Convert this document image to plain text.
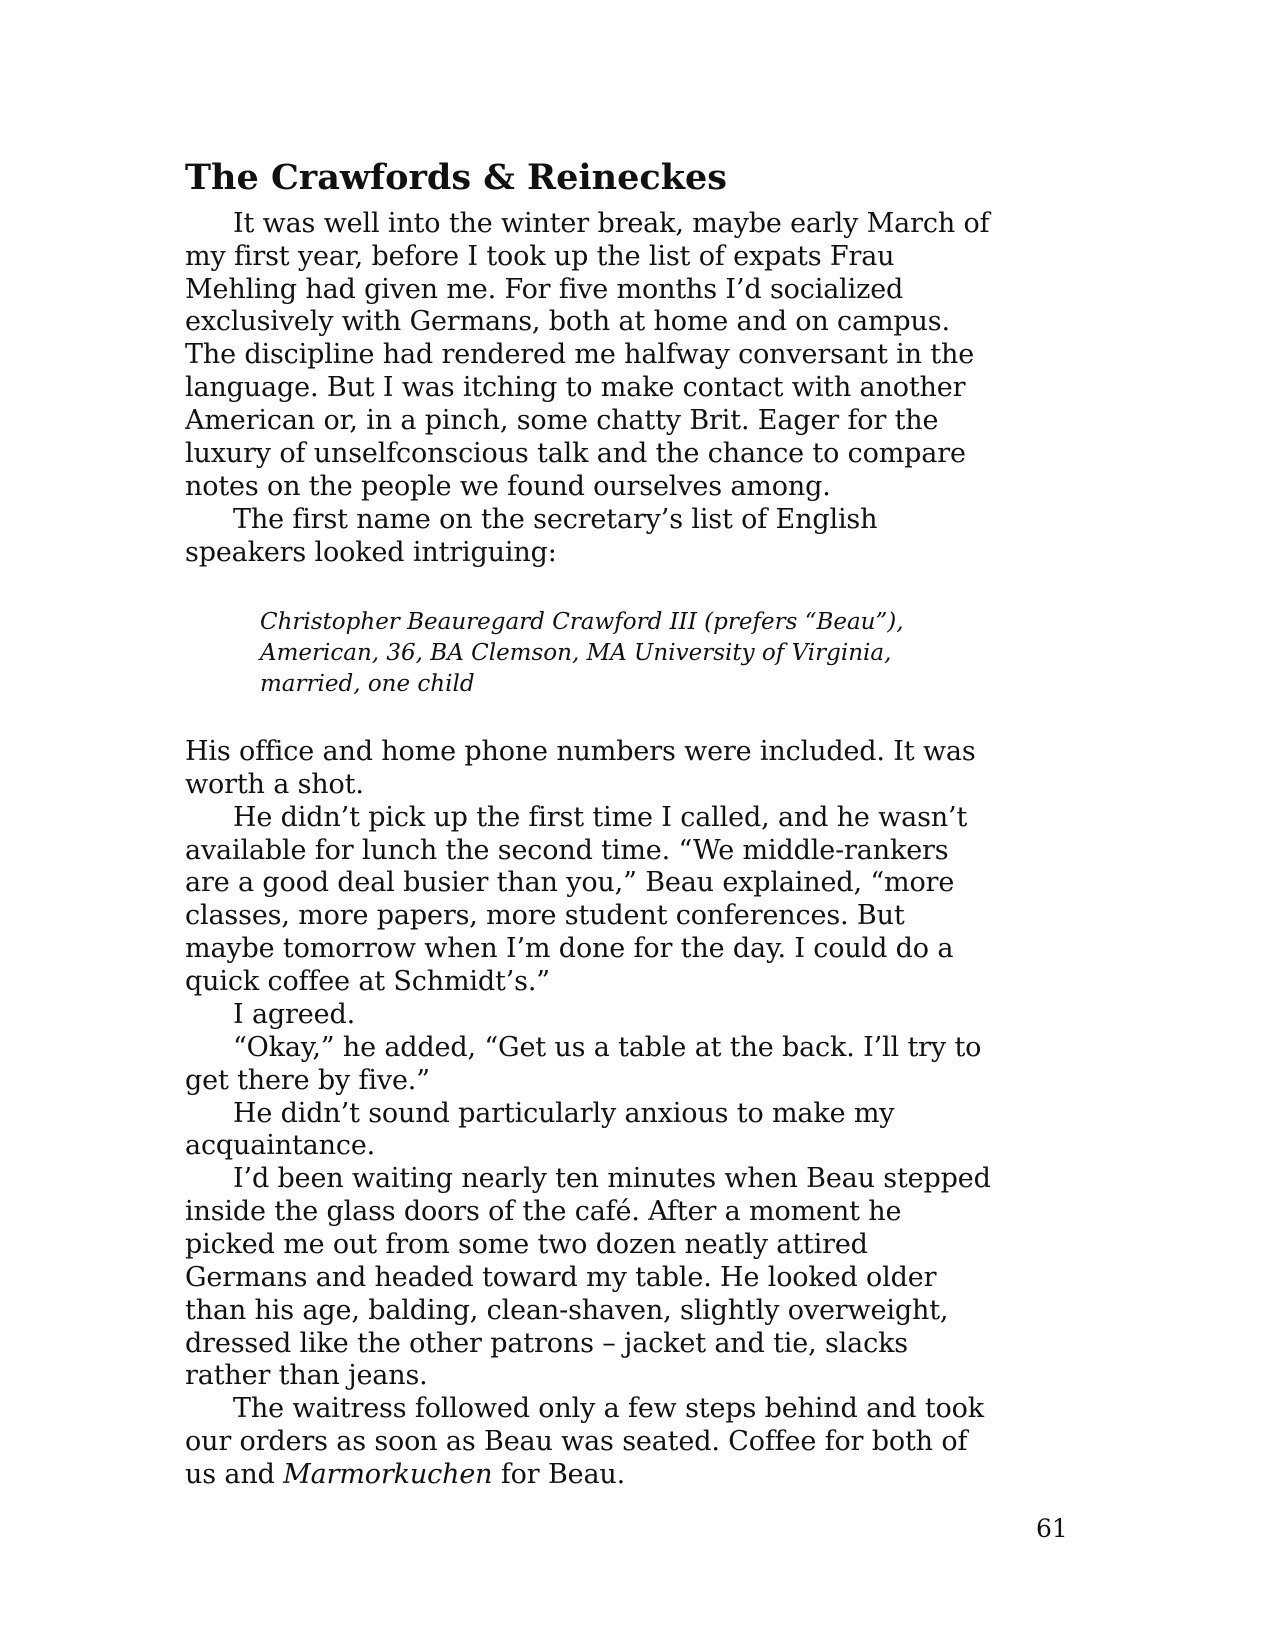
The Crawfords & Reineckes

It was well into the winter break, maybe early March of

my first year, before I took up the list of expats Frau

Mehling had given me. For five months I’d socialized

exclusively with Germans, both at home and on campus.

The discipline had rendered me halfway conversant in the

language. But I was itching to make contact with another

American or, in a pinch, some chatty Brit. Eager for the

luxury of unselfconscious talk and the chance to compare

notes on the people we found ourselves among.

The first name on the secretary’s list of English

speakers looked intriguing:

Christopher Beauregard Crawford III (prefers “Beau”),

American, 36, BA Clemson, MA University of Virginia,

married, one child

His office and home phone numbers were included. It was

worth a shot.

He didn’t pick up the first time I called, and he wasn’t

available for lunch the second time. “We middle-rankers

are a good deal busier than you,” Beau explained, “more

classes, more papers, more student conferences. But

maybe tomorrow when I’m done for the day. I could do a

quick coffee at Schmidt’s.”

I agreed.

“Okay,” he added, “Get us a table at the back. I’ll try to

get there by five.”

He didn’t sound particularly anxious to make my

acquaintance.

I’d been waiting nearly ten minutes when Beau stepped

inside the glass doors of the café. After a moment he

picked me out from some two dozen neatly attired

Germans and headed toward my table. He looked older

than his age, balding, clean-shaven, slightly overweight,

dressed like the other patrons – jacket and tie, slacks

rather than jeans.

The waitress followed only a few steps behind and took

our orders as soon as Beau was seated. Coffee for both of

us and Marmorkuchen for Beau.

61
